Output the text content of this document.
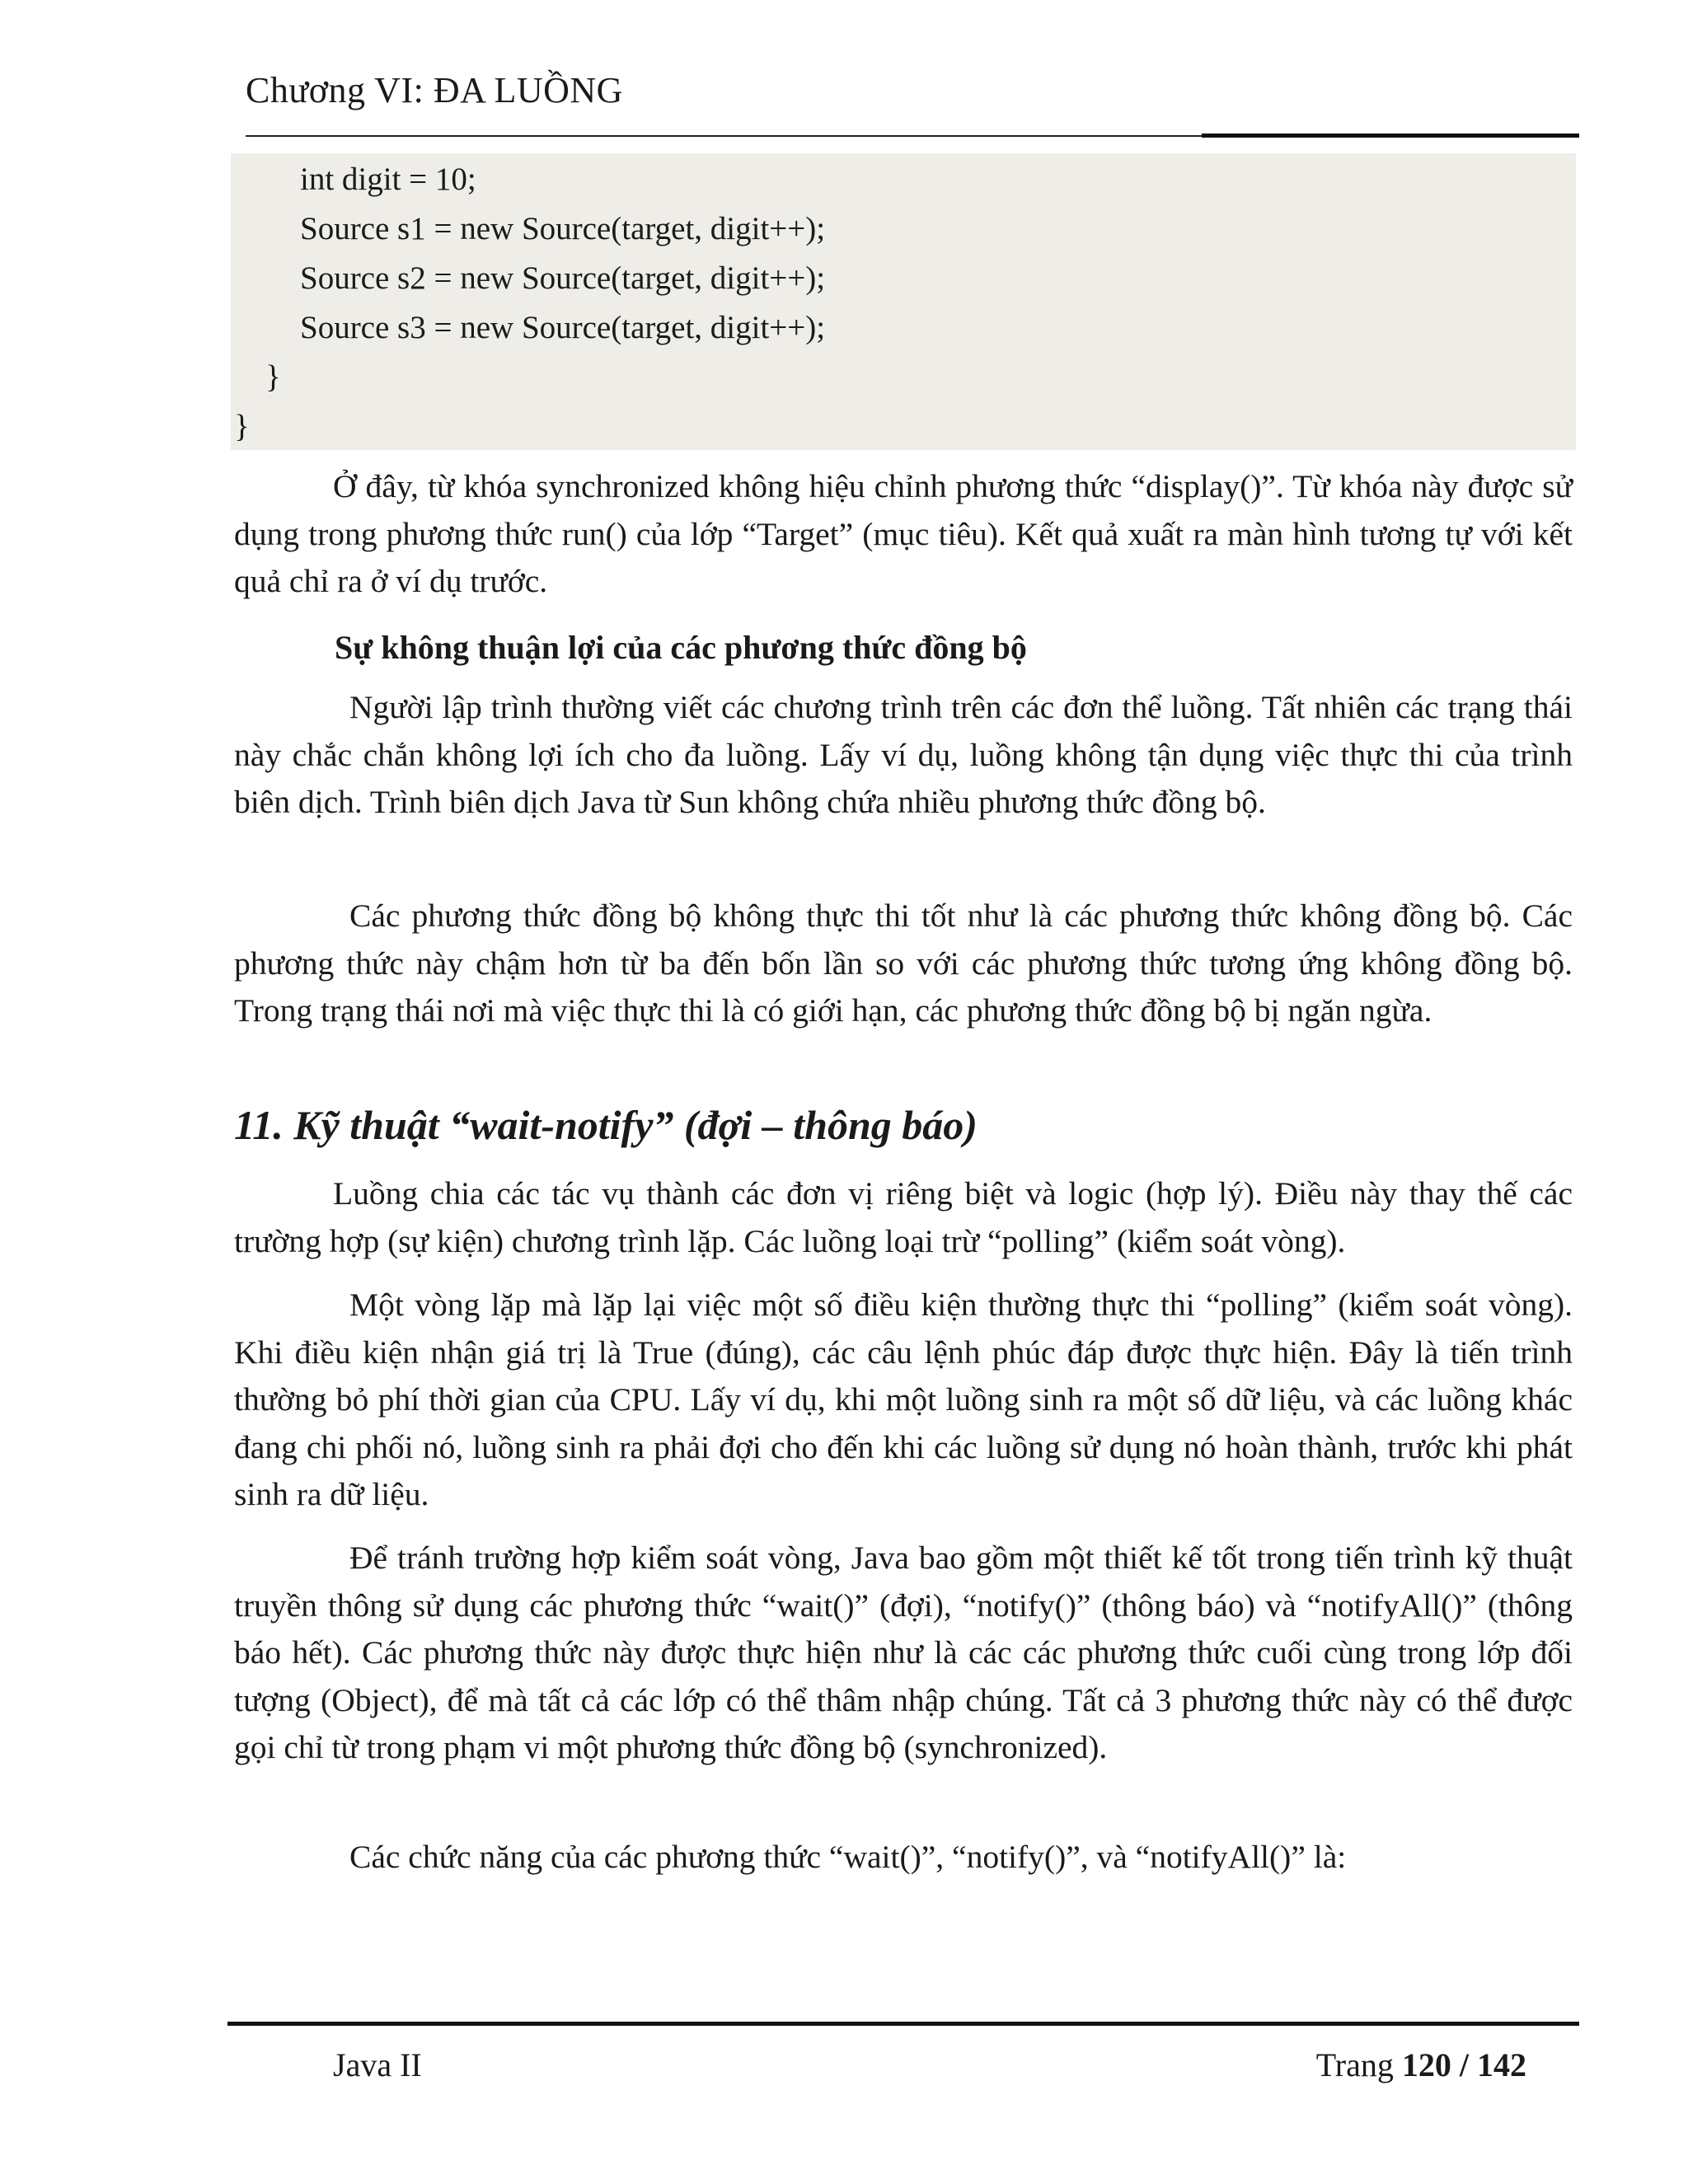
Chương VI: ĐA LUỒNG
int digit = 10;
Source s1 = new Source(target, digit++);
Source s2 = new Source(target, digit++);
Source s3 = new Source(target, digit++);
}
}
Ở đây, từ khóa synchronized không hiệu chỉnh phương thức “display()”. Từ khóa này được sử dụng trong phương thức run() của lớp “Target” (mục tiêu). Kết quả xuất ra màn hình tương tự với kết quả chỉ ra ở ví dụ trước.
Sự không thuận lợi của các phương thức đồng bộ
Người lập trình thường viết các chương trình trên các đơn thể luồng. Tất nhiên các trạng thái này chắc chắn không lợi ích cho đa luồng. Lấy ví dụ, luồng không tận dụng việc thực thi của trình biên dịch. Trình biên dịch Java từ Sun không chứa nhiều phương thức đồng bộ.
Các phương thức đồng bộ không thực thi tốt như là các phương thức không đồng bộ. Các phương thức này chậm hơn từ ba đến bốn lần so với các phương thức tương ứng không đồng bộ. Trong trạng thái nơi mà việc thực thi là có giới hạn, các phương thức đồng bộ bị ngăn ngừa.
11. Kỹ thuật “wait-notify” (đợi – thông báo)
Luồng chia các tác vụ thành các đơn vị riêng biệt và logic (hợp lý). Điều này thay thế các trường hợp (sự kiện) chương trình lặp. Các luồng loại trừ “polling” (kiểm soát vòng).
Một vòng lặp mà lặp lại việc một số điều kiện thường thực thi “polling” (kiểm soát vòng). Khi điều kiện nhận giá trị là True (đúng), các câu lệnh phúc đáp được thực hiện. Đây là tiến trình thường bỏ phí thời gian của CPU. Lấy ví dụ, khi một luồng sinh ra một số dữ liệu, và các luồng khác đang chi phối nó, luồng sinh ra phải đợi cho đến khi các luồng sử dụng nó hoàn thành, trước khi phát sinh ra dữ liệu.
Để tránh trường hợp kiểm soát vòng, Java bao gồm một thiết kế tốt trong tiến trình kỹ thuật truyền thông sử dụng các phương thức “wait()” (đợi), “notify()” (thông báo) và “notifyAll()” (thông báo hết). Các phương thức này được thực hiện như là các các phương thức cuối cùng trong lớp đối tượng (Object), để mà tất cả các lớp có thể thâm nhập chúng. Tất cả 3 phương thức này có thể được gọi chỉ từ trong phạm vi một phương thức đồng bộ (synchronized).
Các chức năng của các phương thức “wait()”, “notify()”, và “notifyAll()” là:
Java II	Trang 120 / 142
